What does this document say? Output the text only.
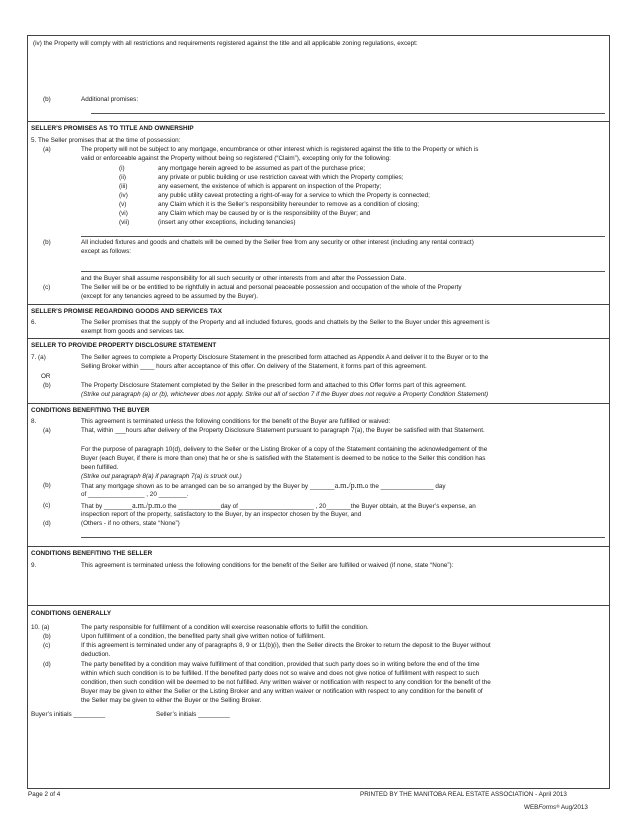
(iv) the Property will comply with all restrictions and requirements registered against the title and all applicable zoning regulations, except:
(b)	Additional promises:
SELLER’S PROMISES AS TO TITLE AND OWNERSHIP
5. The Seller promises that at the time of possession:
(a)	The property will not be subject to any mortgage, encumbrance or other interest which is registered against the title to the Property or which is
valid or enforceable against the Property without being so registered (“Claim”), excepting only for the following:
(i)	any mortgage herein agreed to be assumed as part of the purchase price;
(ii)	any private or public building or use restriction caveat with which the Property complies;
(iii)	any easement, the existence of which is apparent on inspection of the Property;
(iv)	any public utility caveat protecting a right-of-way for a service to which the Property is connected;
(v)	any Claim which it is the Seller’s responsibility hereunder to remove as a condition of closing;
(vi)	any Claim which may be caused by or is the responsibility of the Buyer; and
(vii)	(insert any other exceptions, including tenancies)
(b)	All included fixtures and goods and chattels will be owned by the Seller free from any security or other interest (including any rental contract)
except as follows:
and the Buyer shall assume responsibility for all such security or other interests from and after the Possession Date.
(c)	The Seller will be or be entitled to be rightfully in actual and personal peaceable possession and occupation of the whole of the Property
(except for any tenancies agreed to be assumed by the Buyer).
SELLER’S PROMISE REGARDING GOODS AND SERVICES TAX
6.	The Seller promises that the supply of the Property and all included fixtures, goods and chattels by the Seller to the Buyer under this agreement is
exempt from goods and services tax.
SELLER TO PROVIDE PROPERTY DISCLOSURE STATEMENT
7. (a)	The Seller agrees to complete a Property Disclosure Statement in the prescribed form attached as Appendix A and deliver it to the Buyer or to the
Selling Broker within ____ hours after acceptance of this offer. On delivery of the Statement, it forms part of this agreement.
OR
(b)	The Property Disclosure Statement completed by the Seller in the prescribed form and attached to this Offer forms part of this agreement.
(Strike out paragraph (a) or (b), whichever does not apply. Strike out all of section 7 if the Buyer does not require a Property Condition Statement)
CONDITIONS BENEFITING THE BUYER
8.	This agreement is terminated unless the following conditions for the benefit of the Buyer are fulfilled or waived:
(a)	That, within ___hours after delivery of the Property Disclosure Statement pursuant to paragraph 7(a), the Buyer be satisfied with that Statement.
For the purpose of paragraph 10(d), delivery to the Seller or the Listing Broker of a copy of the Statement containing the acknowledgement of the
Buyer (each Buyer, if there is more than one) that he or she is satisfied with the Statement is deemed to be notice to the Seller this condition has
been fulfilled.
(Strike out paragraph 8(a) if paragraph 7(a) is struck out.)
(b)	That any mortgage shown as to be arranged can be so arranged by the Buyer by _______a.m./p.m.o the _______________ day
of ________________ , 20 ________.
(c)	That by ________a.m./p.m.o the ____________day of _____________________ , 20_______the Buyer obtain, at the Buyer’s expense, an
inspection report of the property, satisfactory to the Buyer, by an inspector chosen by the Buyer, and
(d)	(Others - if no others, state “None”)
CONDITIONS BENEFITING THE SELLER
9.	This agreement is terminated unless the following conditions for the benefit of the Seller are fulfilled or waived (if none, state “None”):
CONDITIONS GENERALLY
10. (a)	The party responsible for fulfillment of a condition will exercise reasonable efforts to fulfill the condition.
(b)	Upon fulfillment of a condition, the benefited party shall give written notice of fulfillment.
(c)	If this agreement is terminated under any of paragraphs 8, 9 or 11(b)(i), then the Seller directs the Broker to return the deposit to the Buyer without
deduction.
(d)	The party benefited by a condition may waive fulfillment of that condition, provided that such party does so in writing before the end of the time
within which such condition is to be fulfilled. If the benefited party does not so waive and does not give notice of fulfillment with respect to such
condition, then such condition will be deemed to be not fulfilled. Any written waiver or notification with respect to any condition for the benefit of the
Buyer may be given to either the Seller or the Listing Broker and any written waiver or notification with respect to any condition for the benefit of
the Seller may be given to either the Buyer or the Selling Broker.
Buyer’s initials _________	Seller’s initials _________
Page 2 of 4	PRINTED BY THE MANITOBA REAL ESTATE ASSOCIATION - April 2013
WEBForms® Aug/2013
